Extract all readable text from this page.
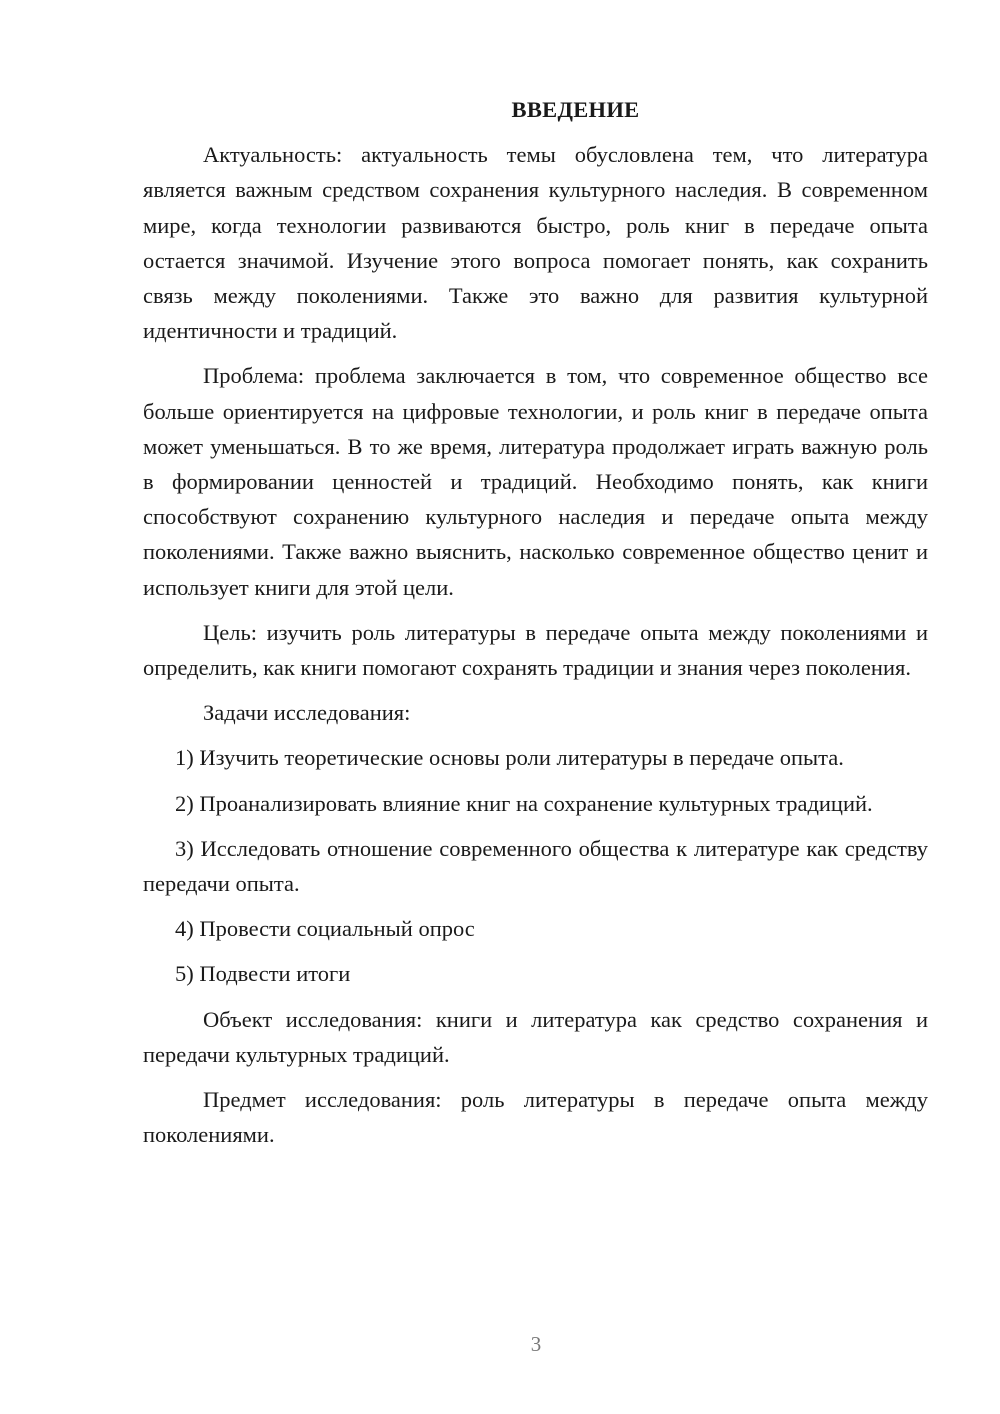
ВВЕДЕНИЕ

Актуальность: актуальность темы обусловлена тем, что литература является важным средством сохранения культурного наследия. В современном мире, когда технологии развиваются быстро, роль книг в передаче опыта остается значимой. Изучение этого вопроса помогает понять, как сохранить связь между поколениями. Также это важно для развития культурной идентичности и традиций.

Проблема: проблема заключается в том, что современное общество все больше ориентируется на цифровые технологии, и роль книг в передаче опыта может уменьшаться. В то же время, литература продолжает играть важную роль в формировании ценностей и традиций. Необходимо понять, как книги способствуют сохранению культурного наследия и передаче опыта между поколениями. Также важно выяснить, насколько современное общество ценит и использует книги для этой цели.

Цель: изучить роль литературы в передаче опыта между поколениями и определить, как книги помогают сохранять традиции и знания через поколения.

Задачи исследования:

1) Изучить теоретические основы роли литературы в передаче опыта.

2) Проанализировать влияние книг на сохранение культурных традиций.

3) Исследовать отношение современного общества к литературе как средству передачи опыта.

4) Провести социальный опрос

5) Подвести итоги

Объект исследования: книги и литература как средство сохранения и передачи культурных традиций.

Предмет исследования: роль литературы в передаче опыта между поколениями.

3
